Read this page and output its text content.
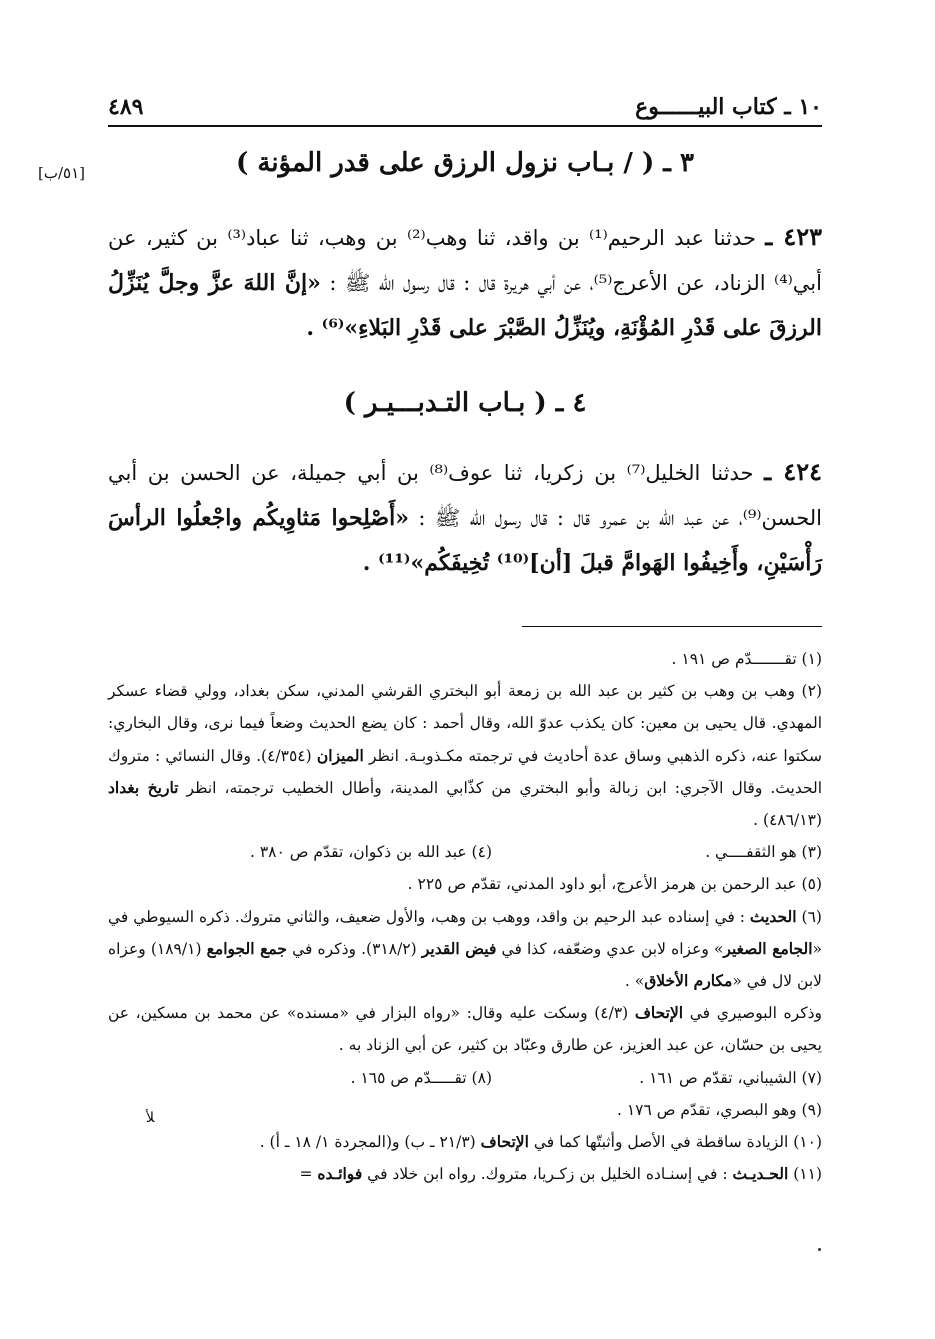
٤٨٩	١٠ ـ كتاب البيــــــوع
[٥١/ب]	٣ ـ ( / بـاب نزول الرزق على قدر المؤنة )
٤٢٣ ـ حدثنا عبد الرحيم⁽¹⁾ بن واقد، ثنا وهب⁽²⁾ بن وهب، ثنا عباد⁽³⁾ بن كثير، عن أبي⁽⁴⁾ الزناد، عن الأعرج⁽⁵⁾، عن أبي هريرة قال : قال رسول الله ﷺ : «إنَّ اللهَ عزَّ وجلَّ يُنَزِّلُ الرزقَ على قَدْرِ المُؤْنَةِ، ويُنَزِّلُ الصَّبْرَ على قَدْرِ البَلاءِ»⁽⁶⁾ .
٤ ـ ( بـاب التـدبـــيـر )
٤٢٤ ـ حدثنا الخليل⁽⁷⁾ بن زكريا، ثنا عوف⁽⁸⁾ بن أبي جميلة، عن الحسن بن أبي الحسن⁽⁹⁾، عن عبد الله بن عمرو قال : قال رسول الله ﷺ : «أَصْلِحوا مَثاوِيكُم واجْعلُوا الرأسَ رَأْسَيْنِ، وأَخِيفُوا الهَوامَّ قبلَ [أن]⁽¹⁰⁾ تُخِيفَكُم»⁽¹¹⁾ .

(١) تقـــــــدّم ص ١٩١ .

(٢) وهب بن وهب بن كثير بن عبد الله بن زمعة أبو البختري القرشي المدني، سكن بغداد، وولي قضاء عسكر المهدي. قال يحيى بن معين: كان يكذب عدوّ الله، وقال أحمد : كان يضع الحديث وضعاً فيما نرى، وقال البخاري: سكتوا عنه، ذكره الذهبي وساق عدة أحاديث في ترجمته مكـذوبـة. انظر الميزان (٤/٣٥٤). وقال النسائي : متروك الحديث. وقال الآجري: ابن زبالة وأبو البختري من كذّابي المدينة، وأطال الخطيب ترجمته، انظر تاريخ بغداد (٤٨٦/١٣) .

(٣) هو الثقفــــي .
(٤) عبد الله بن ذكوان، تقدّم ص ٣٨٠ .

(٥) عبد الرحمن بن هرمز الأعرج، أبو داود المدني، تقدّم ص ٢٢٥ .

(٦) الحديث : في إسناده عبد الرحيم بن واقد، ووهب بن وهب، والأول ضعيف، والثاني متروك. ذكره السيوطي في «الجامع الصغير» وعزاه لابن عدي وضعّفه، كذا في فيض القدير (٣١٨/٢). وذكره في جمع الجوامع (١٨٩/١) وعزاه لابن لال في «مكارم الأخلاق» .

وذكره البوصيري في الإتحاف (٤/٣) وسكت عليه وقال: «رواه البزار في «مسنده» عن محمد بن مسكين، عن يحيى بن حسّان، عن عبد العزيز، عن طارق وعبّاد بن كثير، عن أبي الزناد به .

(٧) الشيباني، تقدّم ص ١٦١ .
(٨) تقـــــدّم ص ١٦٥ .

(٩) وهو البصري، تقدّم ص ١٧٦ .

(١٠) الزيادة ساقطة في الأصل وأثبتّها كما في الإتحاف (٢١/٣ ـ ب) و(المجردة ١/ ١٨ ـ أ) .

(١١) الحـديـث : في إسنـاده الخليل بن زكـريا، متروك. رواه ابن خلاد في فوائـده =

ﻸ
